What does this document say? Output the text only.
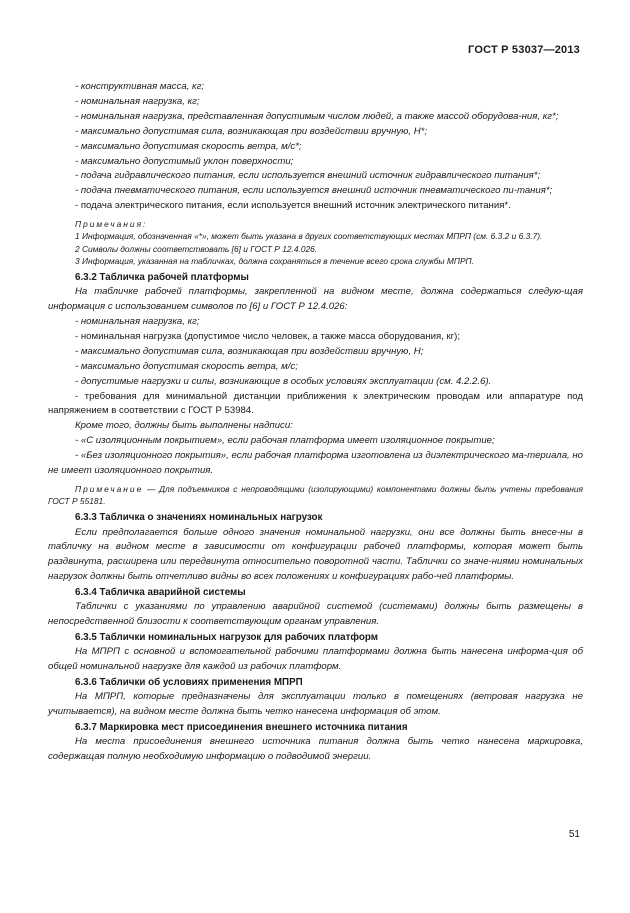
ГОСТ Р 53037—2013
- конструктивная масса, кг;
- номинальная нагрузка, кг;
- номинальная нагрузка, представленная допустимым числом людей, а также массой оборудова-ния, кг*;
- максимально допустимая сила, возникающая при воздействии вручную, Н*;
- максимально допустимая скорость ветра, м/с*;
- максимально допустимый уклон поверхности;
- подача гидравлического питания, если используется внешний источник гидравлического питания*;
- подача пневматического питания, если используется внешний источник пневматического пи-тания*;
- подача электрического питания, если используется внешний источник электрического питания*.
Примечания:
1 Информация, обозначенная «*», может быть указана в других соответствующих местах МПРП (см. 6.3.2 и 6.3.7).
2 Символы должны соответствовать [6] и ГОСТ Р 12.4.026.
3 Информация, указанная на табличках, должна сохраняться в течение всего срока службы МПРП.
6.3.2 Табличка рабочей платформы
На табличке рабочей платформы, закрепленной на видном месте, должна содержаться следую-щая информация с использованием символов по [6] и ГОСТ Р 12.4.026:
- номинальная нагрузка, кг;
- номинальная нагрузка (допустимое число человек, а также масса оборудования, кг);
- максимально допустимая сила, возникающая при воздействии вручную, Н;
- максимально допустимая скорость ветра, м/с;
- допустимые нагрузки и силы, возникающие в особых условиях эксплуатации (см. 4.2.2.6).
- требования для минимальной дистанции приближения к электрическим проводам или аппаратуре под напряжением в соответствии с ГОСТ Р 53984.
Кроме того, должны быть выполнены надписи:
- «С изоляционным покрытием», если рабочая платформа имеет изоляционное покрытие;
- «Без изоляционного покрытия», если рабочая платформа изготовлена из диэлектрического ма-териала, но не имеет изоляционного покрытия.
Примечание — Для подъемников с непроводящими (изолирующими) компонентами должны быть учтены требования ГОСТ Р 55181.
6.3.3 Табличка о значениях номинальных нагрузок
Если предполагается больше одного значения номинальной нагрузки, они все должны быть внесе-ны в табличку на видном месте в зависимости от конфигурации рабочей платформы, которая может быть раздвинута, расширена или передвинута относительно поворотной части. Таблички со значе-ниями номинальных нагрузок должны быть отчетливо видны во всех положениях и конфигурациях рабо-чей платформы.
6.3.4 Табличка аварийной системы
Таблички с указаниями по управлению аварийной системой (системами) должны быть размещены в непосредственной близости к соответствующим органам управления.
6.3.5 Таблички номинальных нагрузок для рабочих платформ
На МПРП с основной и вспомогательной рабочими платформами должна быть нанесена информа-ция об общей номинальной нагрузке для каждой из рабочих платформ.
6.3.6 Таблички об условиях применения МПРП
На МПРП, которые предназначены для эксплуатации только в помещениях (ветровая нагрузка не учитывается), на видном месте должна быть четко нанесена информация об этом.
6.3.7 Маркировка мест присоединения внешнего источника питания
На места присоединения внешнего источника питания должна быть четко нанесена маркировка, содержащая полную необходимую информацию о подводимой энергии.
51
